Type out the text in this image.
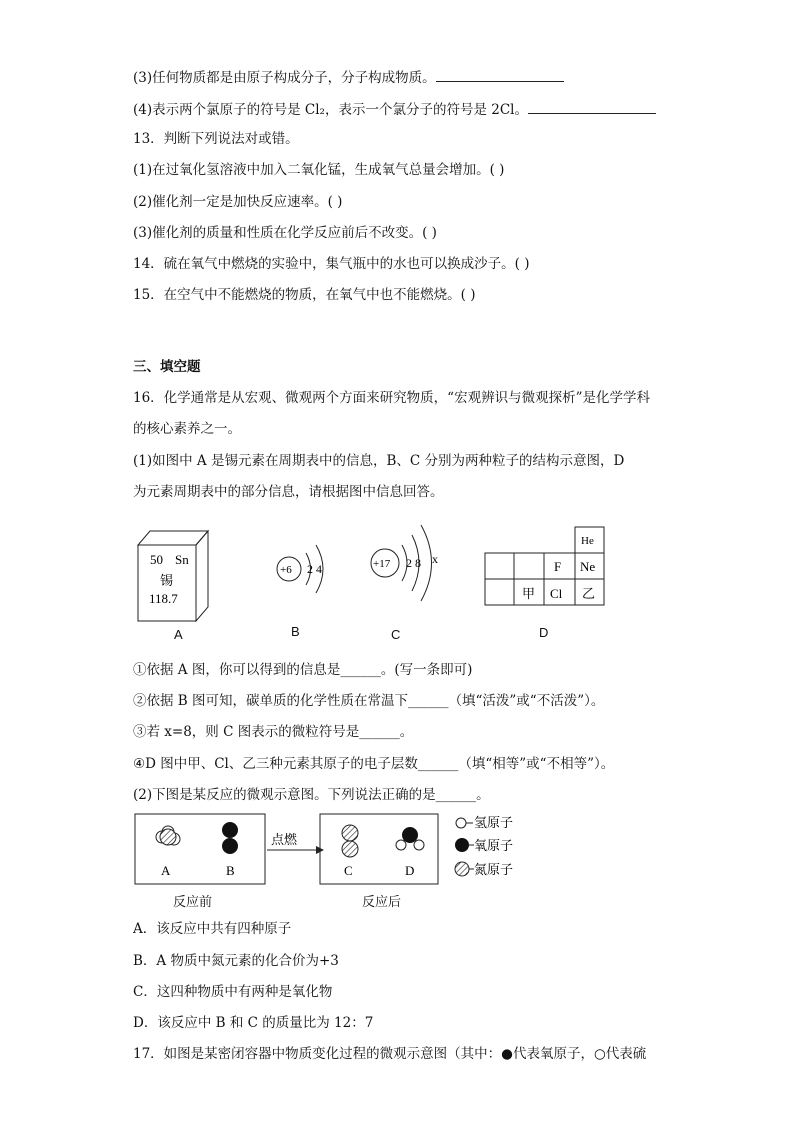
(3)任何物质都是由原子构成分子，分子构成物质。
(4)表示两个氯原子的符号是 Cl₂，表示一个氯分子的符号是 2Cl。
13．判断下列说法对或错。
(1)在过氧化氢溶液中加入二氧化锰，生成氧气总量会增加。( )
(2)催化剂一定是加快反应速率。( )
(3)催化剂的质量和性质在化学反应前后不改变。( )
14．硫在氧气中燃烧的实验中，集气瓶中的水也可以换成沙子。( )
15．在空气中不能燃烧的物质，在氧气中也不能燃烧。( )
三、填空题
16．化学通常是从宏观、微观两个方面来研究物质，“宏观辨识与微观探析”是化学学科
的核心素养之一。
(1)如图中 A 是锡元素在周期表中的信息，B、C 分别为两种粒子的结构示意图，D
为元素周期表中的部分信息，请根据图中信息回答。
50 Sn
锡
118.7
+6 2 4	+17 2 8 x
He
F Ne
甲 Cl 乙
A	B	C	D
①依据 A 图，你可以得到的信息是______。(写一条即可)
②依据 B 图可知，碳单质的化学性质在常温下______（填“活泼”或“不活泼”）。
③若 x=8，则 C 图表示的微粒符号是______。
④D 图中甲、Cl、乙三种元素其原子的电子层数______（填“相等”或“不相等”）。
(2)下图是某反应的微观示意图。下列说法正确的是______。
A	B
点燃
C	D
氢原子
氧原子
氮原子
反应前	反应后
A．该反应中共有四种原子
B．A 物质中氮元素的化合价为+3
C．这四种物质中有两种是氧化物
D．该反应中 B 和 C 的质量比为 12：7
17．如图是某密闭容器中物质变化过程的微观示意图（其中：●代表氧原子，○代表硫
